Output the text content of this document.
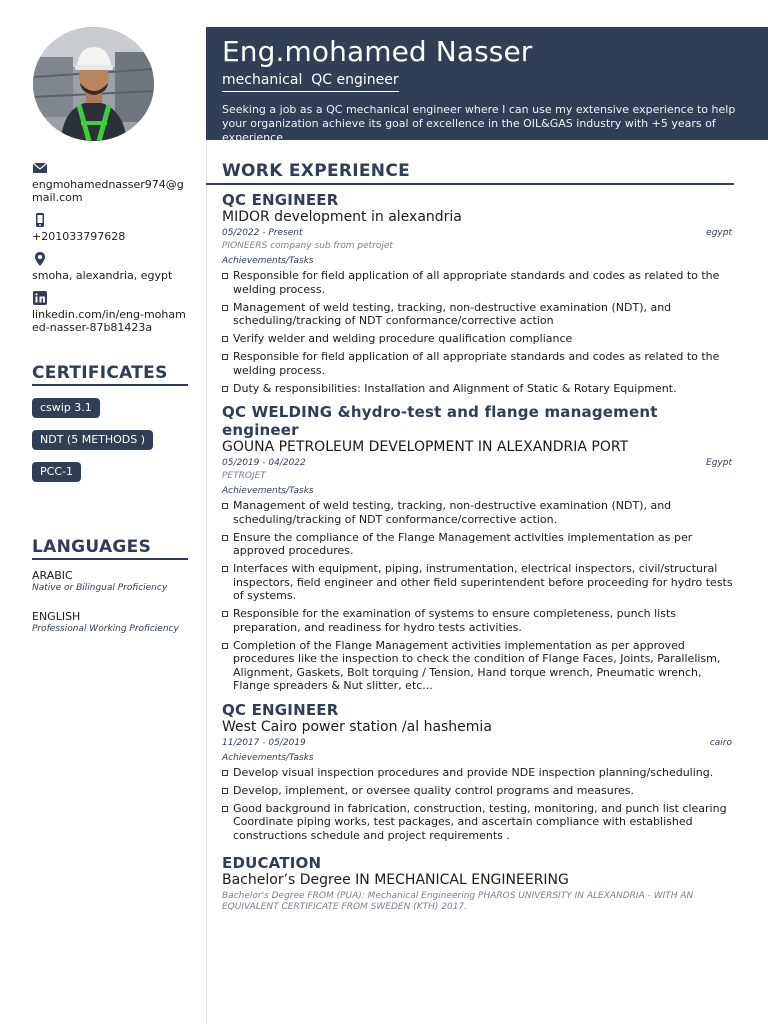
Eng.mohamed Nasser
mechanical  QC engineer
Seeking a job as a QC mechanical engineer where I can use my extensive experience to help your organization achieve its goal of excellence in the OIL&GAS industry with +5 years of experience
engmohamednasser974@gmail.com
+201033797628
smoha, alexandria, egypt
linkedin.com/in/eng-mohamed-nasser-87b81423a
CERTIFICATES
cswip 3.1
NDT (5 METHODS )
PCC-1
LANGUAGES
ARABIC
Native or Bilingual Proficiency
ENGLISH
Professional Working Proficiency
WORK EXPERIENCE
QC ENGINEER
MIDOR development in alexandria
05/2022 - Present	egypt
PIONEERS company sub from petrojet
Achievements/Tasks
Responsible for field application of all appropriate standards and codes as related to the welding process.
Management of weld testing, tracking, non-destructive examination (NDT), and scheduling/tracking of NDT conformance/corrective action
Verify welder and welding procedure qualification compliance
Responsible for field application of all appropriate standards and codes as related to the welding process.
Duty & responsibilities: Installation and Alignment of Static & Rotary Equipment.
QC WELDING &hydro-test and flange management engineer
GOUNA PETROLEUM DEVELOPMENT IN ALEXANDRIA PORT
05/2019 - 04/2022	Egypt
PETROJET
Achievements/Tasks
Management of weld testing, tracking, non-destructive examination (NDT), and scheduling/tracking of NDT conformance/corrective action.
Ensure the compliance of the Flange Management activities implementation as per approved procedures.
Interfaces with equipment, piping, instrumentation, electrical inspectors, civil/structural inspectors, field engineer and other field superintendent before proceeding for hydro tests of systems.
Responsible for the examination of systems to ensure completeness, punch lists preparation, and readiness for hydro tests activities.
Completion of the Flange Management activities implementation as per approved procedures like the inspection to check the condition of Flange Faces, Joints, Parallelism, Alignment, Gaskets, Bolt torquing / Tension, Hand torque wrench, Pneumatic wrench, Flange spreaders & Nut slitter, etc...
QC ENGINEER
West Cairo power station /al hashemia
11/2017 - 05/2019	cairo
Achievements/Tasks
Develop visual inspection procedures and provide NDE inspection planning/scheduling.
Develop, implement, or oversee quality control programs and measures.
Good background in fabrication, construction, testing, monitoring, and punch list clearing Coordinate piping works, test packages, and ascertain compliance with established constructions schedule and project requirements .
EDUCATION
Bachelor’s Degree IN MECHANICAL ENGINEERING
Bachelor's Degree FROM (PUA): Mechanical Engineering PHAROS UNIVERSITY IN ALEXANDRIA - WITH AN EQUIVALENT CERTIFICATE FROM SWEDEN (KTH) 2017.
